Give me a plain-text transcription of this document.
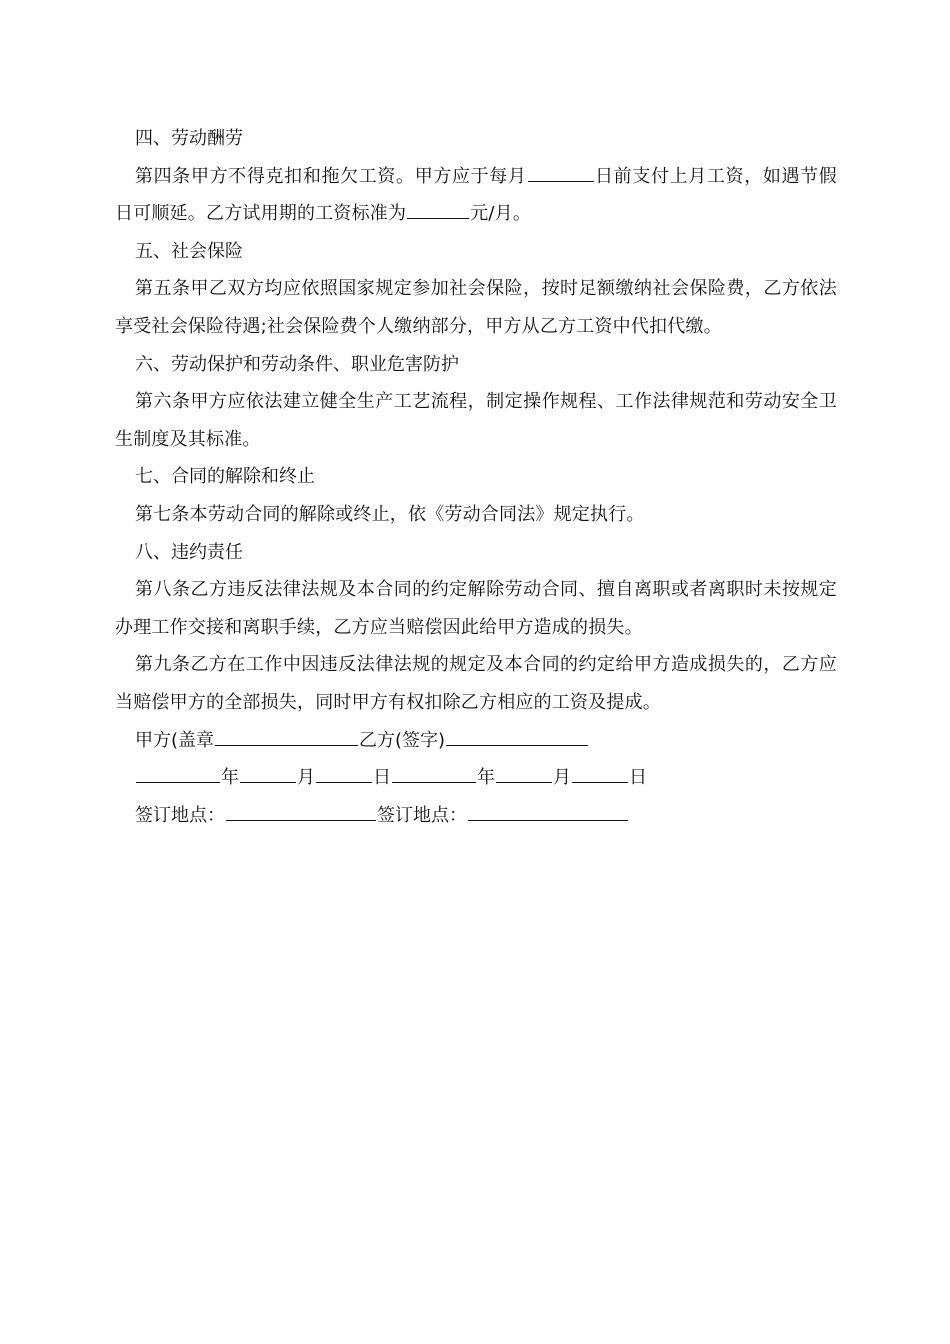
四、劳动酬劳

第四条甲方不得克扣和拖欠工资。甲方应于每月	日前支付上月工资，如遇节假日可顺延。乙方试用期的工资标准为	元/月。

五、社会保险

第五条甲乙双方均应依照国家规定参加社会保险，按时足额缴纳社会保险费，乙方依法享受社会保险待遇;社会保险费个人缴纳部分，甲方从乙方工资中代扣代缴。

六、劳动保护和劳动条件、职业危害防护

第六条甲方应依法建立健全生产工艺流程，制定操作规程、工作法律规范和劳动安全卫生制度及其标准。

七、合同的解除和终止

第七条本劳动合同的解除或终止，依《劳动合同法》规定执行。

八、违约责任

第八条乙方违反法律法规及本合同的约定解除劳动合同、擅自离职或者离职时未按规定办理工作交接和离职手续，乙方应当赔偿因此给甲方造成的损失。

第九条乙方在工作中因违反法律法规的规定及本合同的约定给甲方造成损失的，乙方应当赔偿甲方的全部损失，同时甲方有权扣除乙方相应的工资及提成。

甲方(盖章	乙方(签字)

年	月	日	年	月	日

签订地点：	签订地点：
